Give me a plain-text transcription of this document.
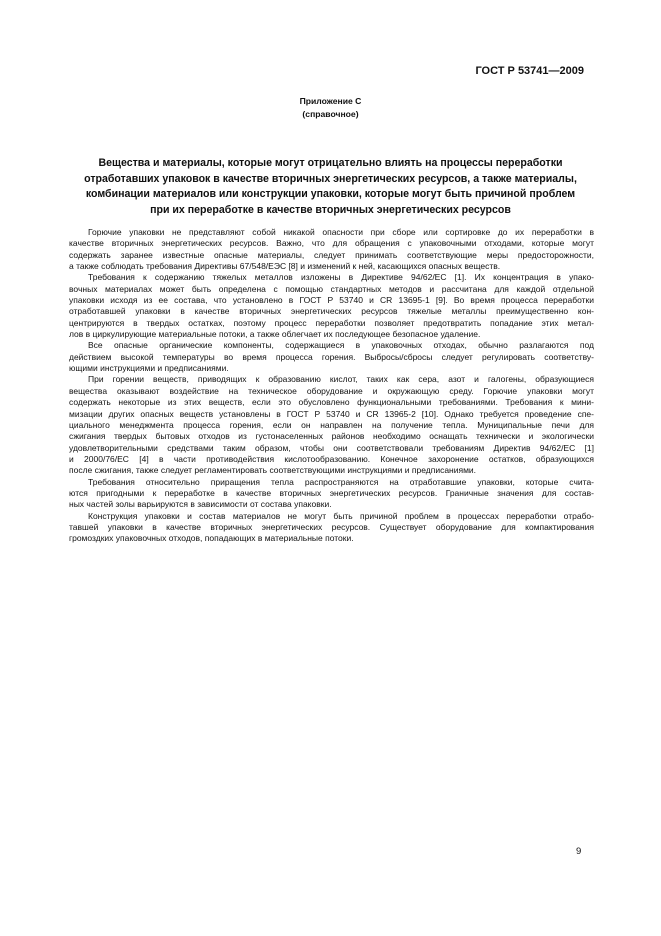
ГОСТ Р 53741—2009
Приложение С
(справочное)
Вещества и материалы, которые могут отрицательно влиять на процессы переработки
отработавших упаковок в качестве вторичных энергетических ресурсов, а также материалы,
комбинации материалов или конструкции упаковки, которые могут быть причиной проблем
при их переработке в качестве вторичных энергетических ресурсов
Горючие упаковки не представляют собой никакой опасности при сборе или сортировке до их переработки в
качестве вторичных энергетических ресурсов. Важно, что для обращения с упаковочными отходами, которые могут
содержать заранее известные опасные материалы, следует принимать соответствующие меры предосторожности,
а также соблюдать требования Директивы 67/548/ЕЭС [8] и изменений к ней, касающихся опасных веществ.
Требования к содержанию тяжелых металлов изложены в Директиве 94/62/ЕС [1]. Их концентрация в упако-
вочных материалах может быть определена с помощью стандартных методов и рассчитана для каждой отдельной
упаковки исходя из ее состава, что установлено в ГОСТ Р 53740 и CR 13695-1 [9]. Во время процесса переработки
отработавшей упаковки в качестве вторичных энергетических ресурсов тяжелые металлы преимущественно кон-
центрируются в твердых остатках, поэтому процесс переработки позволяет предотвратить попадание этих метал-
лов в циркулирующие материальные потоки, а также облегчает их последующее безопасное удаление.
Все опасные органические компоненты, содержащиеся в упаковочных отходах, обычно разлагаются под
действием высокой температуры во время процесса горения. Выбросы/сбросы следует регулировать соответству-
ющими инструкциями и предписаниями.
При горении веществ, приводящих к образованию кислот, таких как сера, азот и галогены, образующиеся
вещества оказывают воздействие на техническое оборудование и окружающую среду. Горючие упаковки могут
содержать некоторые из этих веществ, если это обусловлено функциональными требованиями. Требования к мини-
мизации других опасных веществ установлены в ГОСТ Р 53740 и CR 13965-2 [10]. Однако требуется проведение спе-
циального менеджмента процесса горения, если он направлен на получение тепла. Муниципальные печи для
сжигания твердых бытовых отходов из густонаселенных районов необходимо оснащать технически и экологически
удовлетворительными средствами таким образом, чтобы они соответствовали требованиям Директив 94/62/ЕС [1]
и 2000/76/ЕС [4] в части противодействия кислотообразованию. Конечное захоронение остатков, образующихся
после сжигания, также следует регламентировать соответствующими инструкциями и предписаниями.
Требования относительно приращения тепла распространяются на отработавшие упаковки, которые счита-
ются пригодными к переработке в качестве вторичных энергетических ресурсов. Граничные значения для состав-
ных частей золы варьируются в зависимости от состава упаковки.
Конструкция упаковки и состав материалов не могут быть причиной проблем в процессах переработки отрабо-
тавшей упаковки в качестве вторичных энергетических ресурсов. Существует оборудование для компактирования
громоздких упаковочных отходов, попадающих в материальные потоки.
9
